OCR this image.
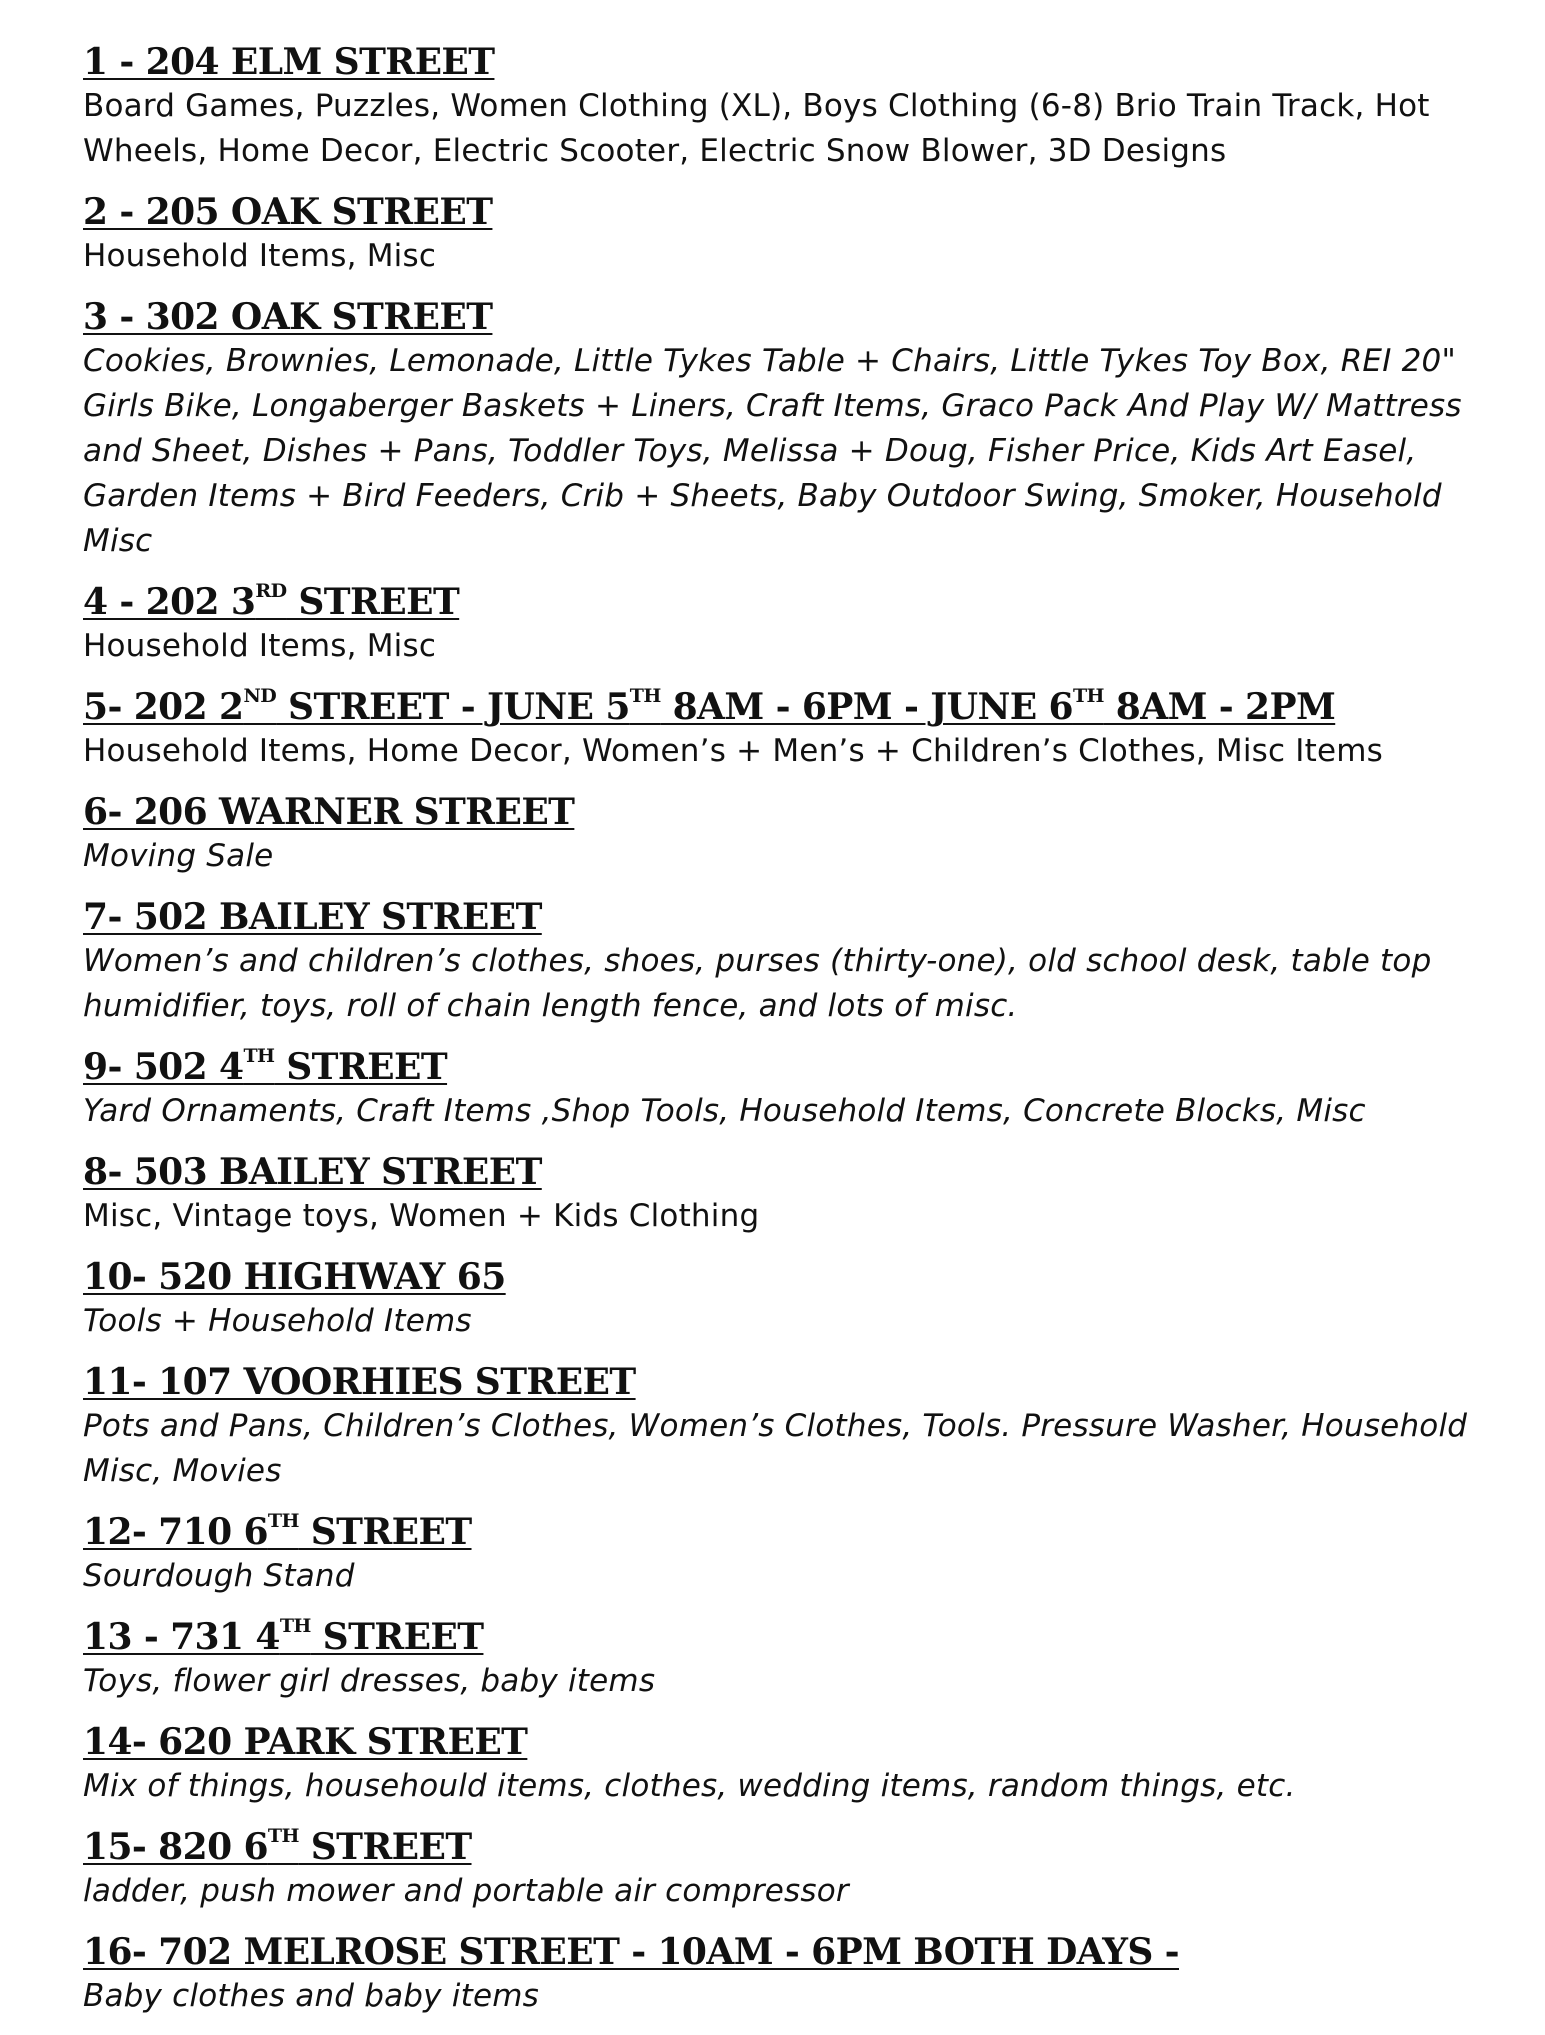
1 - 204 ELM STREET
Board Games, Puzzles, Women Clothing (XL), Boys Clothing (6-8) Brio Train Track, Hot Wheels, Home Decor, Electric Scooter, Electric Snow Blower, 3D Designs
2 - 205 OAK STREET
Household Items, Misc
3 - 302 OAK STREET
Cookies, Brownies, Lemonade, Little Tykes Table + Chairs, Little Tykes Toy Box, REI 20" Girls Bike, Longaberger Baskets + Liners, Craft Items, Graco Pack And Play W/ Mattress and Sheet, Dishes + Pans, Toddler Toys, Melissa + Doug, Fisher Price, Kids Art Easel, Garden Items + Bird Feeders, Crib + Sheets, Baby Outdoor Swing, Smoker, Household Misc
4 - 202 3RD STREET
Household Items, Misc
5- 202 2ND STREET - JUNE 5TH 8AM - 6PM - JUNE 6TH 8AM - 2PM
Household Items, Home Decor, Women’s + Men’s + Children’s Clothes, Misc Items
6- 206 WARNER STREET
Moving Sale
7- 502 BAILEY STREET
Women’s and children’s clothes, shoes, purses (thirty-one), old school desk, table top humidifier, toys, roll of chain length fence, and lots of misc.
9- 502 4TH STREET
Yard Ornaments, Craft Items ,Shop Tools, Household Items, Concrete Blocks, Misc
8- 503 BAILEY STREET
Misc, Vintage toys, Women + Kids Clothing
10- 520 HIGHWAY 65
Tools + Household Items
11- 107 VOORHIES STREET
Pots and Pans, Children’s Clothes, Women’s Clothes, Tools. Pressure Washer, Household Misc, Movies
12- 710 6TH STREET
Sourdough Stand
13 - 731 4TH STREET
Toys, flower girl dresses, baby items
14- 620 PARK STREET
Mix of things, househould items, clothes, wedding items, random things, etc.
15- 820 6TH STREET
ladder, push mower and portable air compressor
16- 702 MELROSE STREET - 10AM - 6PM BOTH DAYS -
Baby clothes and baby items
